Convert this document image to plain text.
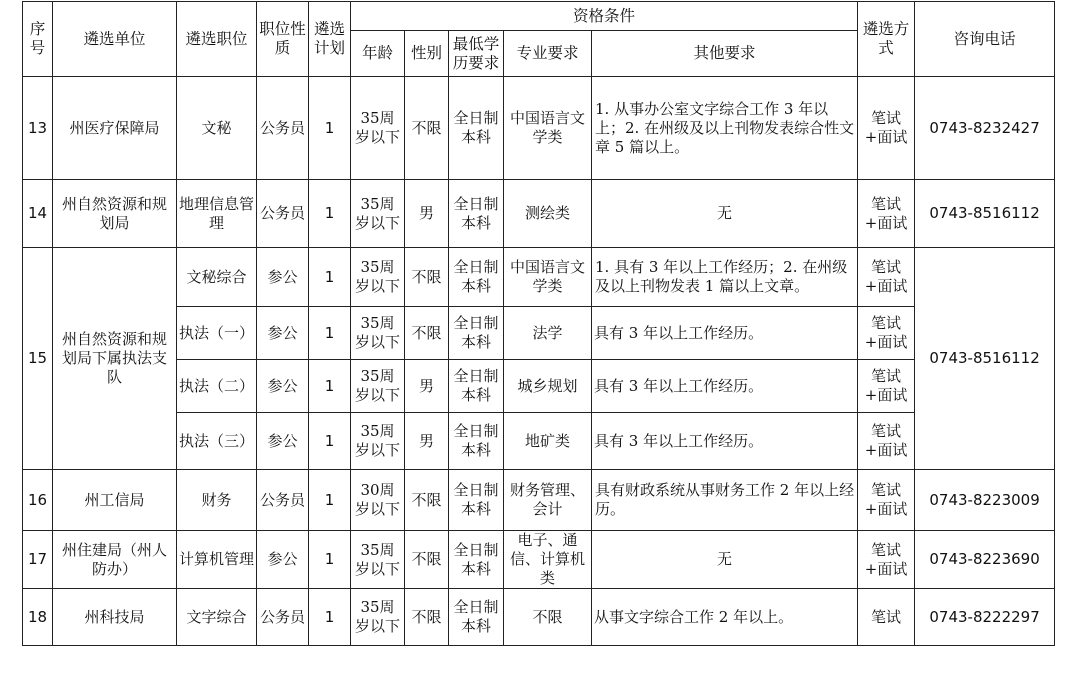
序号	遴选单位	遴选职位	职位性质	遴选计划	资格条件					遴选方式	咨询电话
					年龄	性别	最低学历要求	专业要求	其他要求		
13	州医疗保障局	文秘	公务员	1	35周岁以下	不限	全日制本科	中国语言文学类	1. 从事办公室文字综合工作 3 年以上；2. 在州级及以上刊物发表综合性文章 5 篇以上。	笔试+面试	0743-8232427
14	州自然资源和规划局	地理信息管理	公务员	1	35周岁以下	男	全日制本科	测绘类	无	笔试+面试	0743-8516112
15	州自然资源和规划局下属执法支队	文秘综合	参公	1	35周岁以下	不限	全日制本科	中国语言文学类	1. 具有 3 年以上工作经历；2. 在州级及以上刊物发表 1 篇以上文章。	笔试+面试	0743-8516112
		执法（一）	参公	1	35周岁以下	不限	全日制本科	法学	具有 3 年以上工作经历。	笔试+面试	
		执法（二）	参公	1	35周岁以下	男	全日制本科	城乡规划	具有 3 年以上工作经历。	笔试+面试	
		执法（三）	参公	1	35周岁以下	男	全日制本科	地矿类	具有 3 年以上工作经历。	笔试+面试	
16	州工信局	财务	公务员	1	30周岁以下	不限	全日制本科	财务管理、会计	具有财政系统从事财务工作 2 年以上经历。	笔试+面试	0743-8223009
17	州住建局（州人防办）	计算机管理	参公	1	35周岁以下	不限	全日制本科	电子、通信、计算机类	无	笔试+面试	0743-8223690
18	州科技局	文字综合	公务员	1	35周岁以下	不限	全日制本科	不限	从事文字综合工作 2 年以上。	笔试	0743-8222297
